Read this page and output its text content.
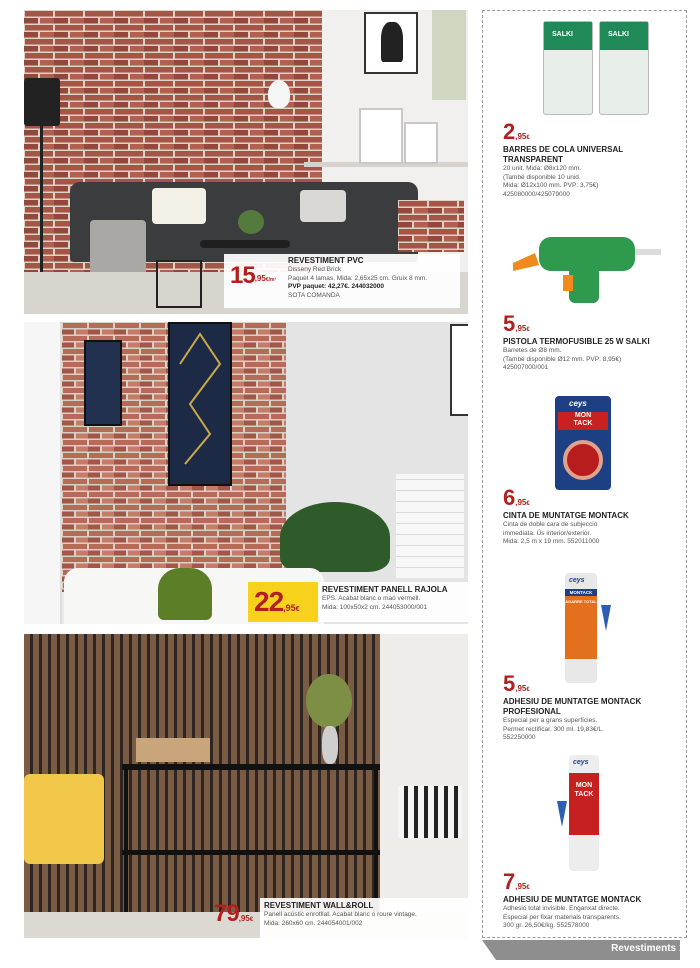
15,95€/m²
REVESTIMENT PVC
Disseny Red Brick
Paquet 4 lamas. Mida: 2,65x25 cm. Gruix 8 mm.
PVP paquet: 42,27€. 244032000
SOTA COMANDA
22,95€
REVESTIMENT PANELL RAJOLA
EPS. Acabat blanc o maó vermell.
Mida: 100x50x2 cm. 244053000/001
79,95€
REVESTIMENT WALL&ROLL
Panell acústic enrotllat. Acabat blanc o roure vintage.
Mida: 260x60 cm. 244054001/002
SALKI	SALKI
2,95€
BARRES DE COLA UNIVERSAL TRANSPARENT
20 unit. Mida: Ø8x120 mm.
(També disponible 10 unid.
Mida: Ø12x100 mm. PVP: 3,75€)
425080000/425079000
5,95€
PISTOLA TERMOFUSIBLE 25 W SALKI
Barretes de Ø8 mm.
(També disponible Ø12 mm. PVP: 8,95€)
425007000/001
ceys
MON
TACK
6,95€
CINTA DE MUNTATGE MONTACK
Cinta de doble cara de subjecció
immediata. Ús interior/exterior.
Mida: 2,5 m x 19 mm. 552011000
ceys
MONTACK
AGARRE TOTAL
5,95€
ADHESIU DE MUNTATGE MONTACK PROFESIONAL
Especial per a grans superfícies.
Permet rectificar. 300 ml. 19,83€/L.
552250000
ceys
MON
TACK
7,95€
ADHESIU DE MUNTATGE MONTACK
Adhesió total invisible. Enganxat directe.
Especial per fixar materials transparents.
300 gr. 26,50€/kg. 552578000
Revestiments 15
